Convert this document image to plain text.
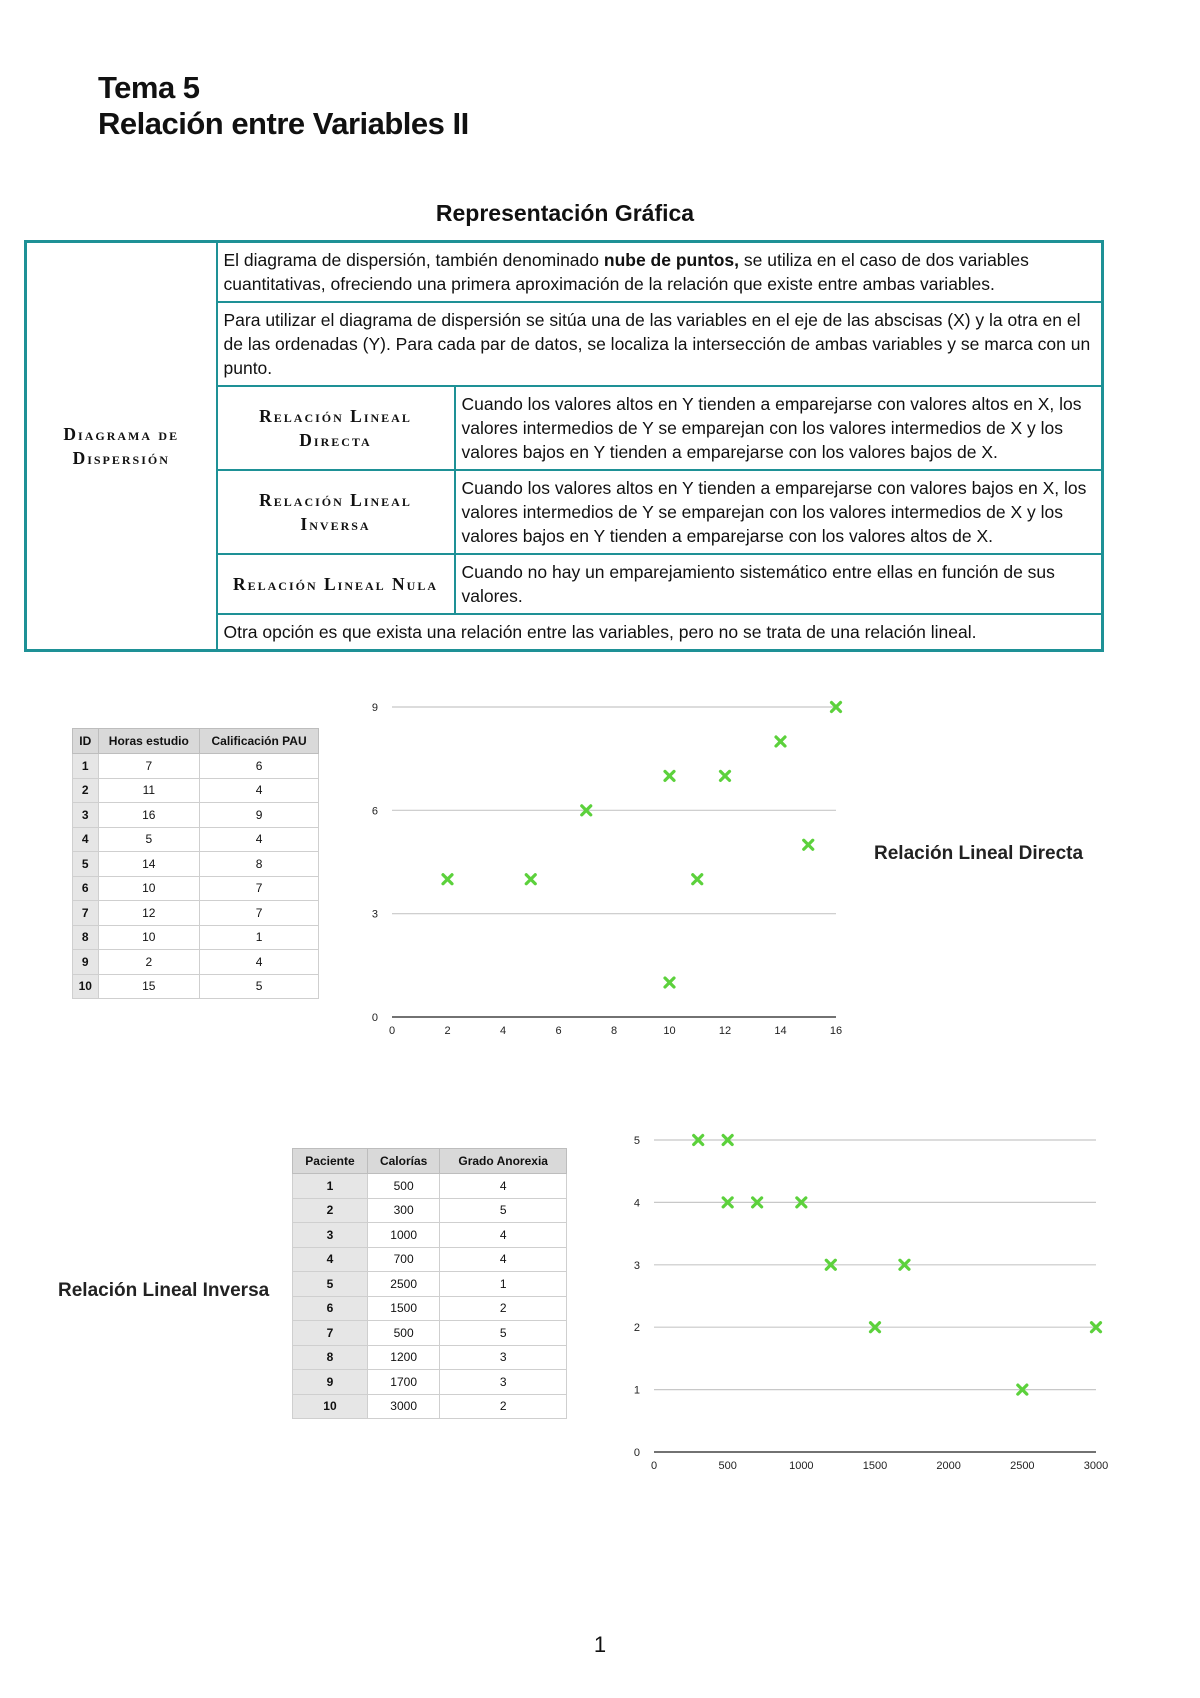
Tema 5
Relación entre Variables II
Representación Gráfica
Diagrama de Dispersión	El diagrama de dispersión, también denominado nube de puntos, se utiliza en el caso de dos variables cuantitativas, ofreciendo una primera aproximación de la relación que existe entre ambas variables.	
	Para utilizar el diagrama de dispersión se sitúa una de las variables en el eje de las abscisas (X) y la otra en el de las ordenadas (Y). Para cada par de datos, se localiza la intersección de ambas variables y se marca con un punto.	
	Relación Lineal Directa	Cuando los valores altos en Y tienden a emparejarse con valores altos en X, los valores intermedios de Y se emparejan con los valores intermedios de X y los valores bajos en Y tienden a emparejarse con los valores bajos de X.
	Relación Lineal Inversa	Cuando los valores altos en Y tienden a emparejarse con valores bajos en X, los valores intermedios de Y se emparejan con los valores intermedios de X y los valores bajos en Y tienden a emparejarse con los valores altos de X.
	Relación Lineal Nula	Cuando no hay un emparejamiento sistemático entre ellas en función de sus valores.
	Otra opción es que exista una relación entre las variables, pero no se trata de una relación lineal.	
ID	Horas estudio	Calificación PAU
1	7	6
2	11	4
3	16	9
4	5	4
5	14	8
6	10	7
7	12	7
8	10	1
9	2	4
10	15	5
Paciente	Calorías	Grado Anorexia
1	500	4
2	300	5
3	1000	4
4	700	4
5	2500	1
6	1500	2
7	500	5
8	1200	3
9	1700	3
10	3000	2
0
3
6
9
0	2	4	6	8	10	12	14	16
0
1
2
3
4
5
0	500	1000	1500	2000	2500	3000
Relación Lineal Directa
Relación Lineal Inversa
1
